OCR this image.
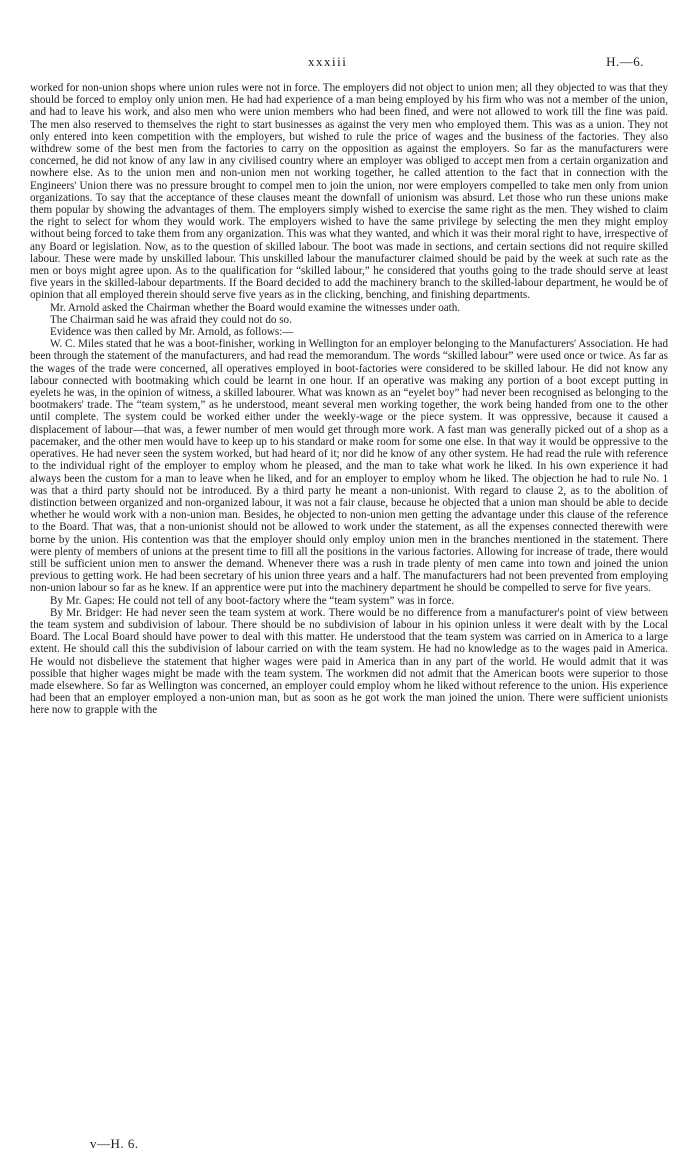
xxxiii	H.—6.

worked for non-union shops where union rules were not in force. The employers did not object to union men; all they objected to was that they should be forced to employ only union men. He had had experience of a man being employed by his firm who was not a member of the union, and had to leave his work, and also men who were union members who had been fined, and were not allowed to work till the fine was paid. The men also reserved to themselves the right to start businesses as against the very men who employed them. This was as a union. They not only entered into keen competition with the employers, but wished to rule the price of wages and the business of the factories. They also withdrew some of the best men from the factories to carry on the opposition as against the employers. So far as the manufacturers were concerned, he did not know of any law in any civilised country where an employer was obliged to accept men from a certain organization and nowhere else. As to the union men and non-union men not working together, he called attention to the fact that in connection with the Engineers' Union there was no pressure brought to compel men to join the union, nor were employers compelled to take men only from union organizations. To say that the acceptance of these clauses meant the downfall of unionism was absurd. Let those who run these unions make them popular by showing the advantages of them. The employers simply wished to exercise the same right as the men. They wished to claim the right to select for whom they would work. The employers wished to have the same privilege by selecting the men they might employ without being forced to take them from any organization. This was what they wanted, and which it was their moral right to have, irrespective of any Board or legislation. Now, as to the question of skilled labour. The boot was made in sections, and certain sections did not require skilled labour. These were made by unskilled labour. This unskilled labour the manufacturer claimed should be paid by the week at such rate as the men or boys might agree upon. As to the qualification for “skilled labour,” he considered that youths going to the trade should serve at least five years in the skilled-labour departments. If the Board decided to add the machinery branch to the skilled-labour department, he would be of opinion that all employed therein should serve five years as in the clicking, benching, and finishing departments.

Mr. Arnold asked the Chairman whether the Board would examine the witnesses under oath.

The Chairman said he was afraid they could not do so.

Evidence was then called by Mr. Arnold, as follows:—

W. C. Miles stated that he was a boot-finisher, working in Wellington for an employer belonging to the Manufacturers' Association. He had been through the statement of the manufacturers, and had read the memorandum. The words “skilled labour” were used once or twice. As far as the wages of the trade were concerned, all operatives employed in boot-factories were considered to be skilled labour. He did not know any labour connected with bootmaking which could be learnt in one hour. If an operative was making any portion of a boot except putting in eyelets he was, in the opinion of witness, a skilled labourer. What was known as an “eyelet boy” had never been recognised as belonging to the bootmakers' trade. The “team system,” as he understood, meant several men working together, the work being handed from one to the other until complete. The system could be worked either under the weekly-wage or the piece system. It was oppressive, because it caused a displacement of labour—that was, a fewer number of men would get through more work. A fast man was generally picked out of a shop as a pacemaker, and the other men would have to keep up to his standard or make room for some one else. In that way it would be oppressive to the operatives. He had never seen the system worked, but had heard of it; nor did he know of any other system. He had read the rule with reference to the individual right of the employer to employ whom he pleased, and the man to take what work he liked. In his own experience it had always been the custom for a man to leave when he liked, and for an employer to employ whom he liked. The objection he had to rule No. 1 was that a third party should not be introduced. By a third party he meant a non-unionist. With regard to clause 2, as to the abolition of distinction between organized and non-organized labour, it was not a fair clause, because he objected that a union man should be able to decide whether he would work with a non-union man. Besides, he objected to non-union men getting the advantage under this clause of the reference to the Board. That was, that a non-unionist should not be allowed to work under the statement, as all the expenses connected therewith were borne by the union. His contention was that the employer should only employ union men in the branches mentioned in the statement. There were plenty of members of unions at the present time to fill all the positions in the various factories. Allowing for increase of trade, there would still be sufficient union men to answer the demand. Whenever there was a rush in trade plenty of men came into town and joined the union previous to getting work. He had been secretary of his union three years and a half. The manufacturers had not been prevented from employing non-union labour so far as he knew. If an apprentice were put into the machinery department he should be compelled to serve for five years.

By Mr. Gapes: He could not tell of any boot-factory where the “team system” was in force.

By Mr. Bridger: He had never seen the team system at work. There would be no difference from a manufacturer's point of view between the team system and subdivision of labour. There should be no subdivision of labour in his opinion unless it were dealt with by the Local Board. The Local Board should have power to deal with this matter. He understood that the team system was carried on in America to a large extent. He should call this the subdivision of labour carried on with the team system. He had no knowledge as to the wages paid in America. He would not disbelieve the statement that higher wages were paid in America than in any part of the world. He would admit that it was possible that higher wages might be made with the team system. The workmen did not admit that the American boots were superior to those made elsewhere. So far as Wellington was concerned, an employer could employ whom he liked without reference to the union. His experience had been that an employer employed a non-union man, but as soon as he got work the man joined the union. There were sufficient unionists here now to grapple with the

v—H. 6.
